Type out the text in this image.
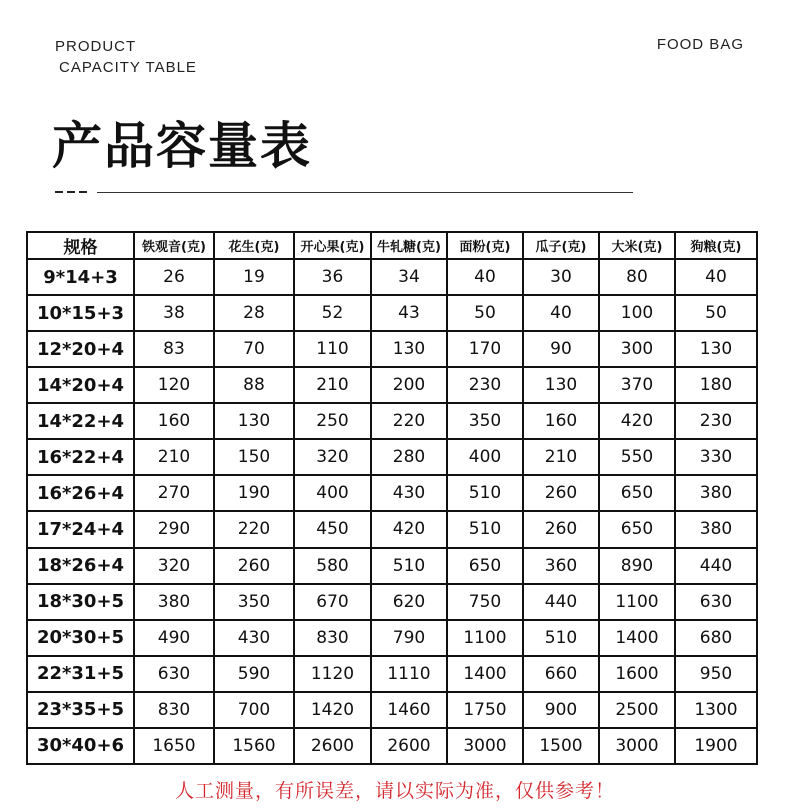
PRODUCT
CAPACITY TABLE
FOOD BAG
产品容量表
规格	铁观音(克)	花生(克)	开心果(克)	牛轧糖(克)	面粉(克)	瓜子(克)	大米(克)	狗粮(克)
9*14+3	26	19	36	34	40	30	80	40
10*15+3	38	28	52	43	50	40	100	50
12*20+4	83	70	110	130	170	90	300	130
14*20+4	120	88	210	200	230	130	370	180
14*22+4	160	130	250	220	350	160	420	230
16*22+4	210	150	320	280	400	210	550	330
16*26+4	270	190	400	430	510	260	650	380
17*24+4	290	220	450	420	510	260	650	380
18*26+4	320	260	580	510	650	360	890	440
18*30+5	380	350	670	620	750	440	1100	630
20*30+5	490	430	830	790	1100	510	1400	680
22*31+5	630	590	1120	1110	1400	660	1600	950
23*35+5	830	700	1420	1460	1750	900	2500	1300
30*40+6	1650	1560	2600	2600	3000	1500	3000	1900
人工测量，有所误差，请以实际为准，仅供参考！
